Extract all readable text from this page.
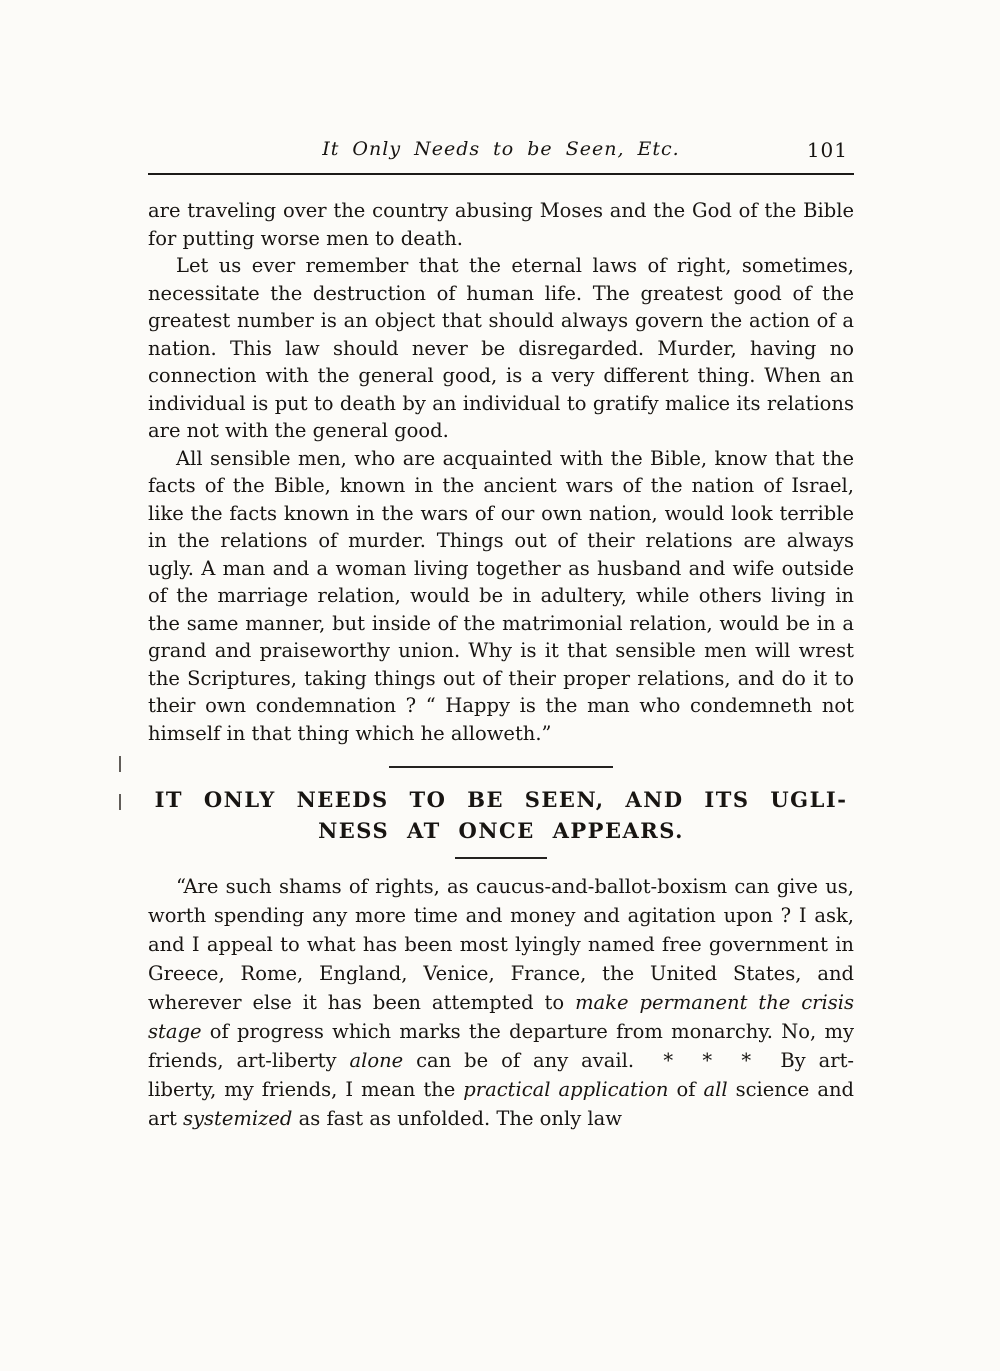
It Only Needs to be Seen, Etc.	101

are traveling over the country abusing Moses and the God of the Bible for putting worse men to death.

Let us ever remember that the eternal laws of right, sometimes, necessitate the destruction of human life. The greatest good of the greatest number is an object that should always govern the action of a nation. This law should never be disregarded. Murder, having no connection with the general good, is a very different thing. When an individual is put to death by an individual to gratify malice its relations are not with the general good.

All sensible men, who are acquainted with the Bible, know that the facts of the Bible, known in the ancient wars of the nation of Israel, like the facts known in the wars of our own nation, would look terrible in the relations of murder. Things out of their relations are always ugly. A man and a woman living together as husband and wife outside of the marriage relation, would be in adultery, while others living in the same manner, but inside of the matrimonial relation, would be in a grand and praiseworthy union. Why is it that sensible men will wrest the Scriptures, taking things out of their proper relations, and do it to their own condemnation ? “ Happy is the man who condemneth not himself in that thing which he alloweth.”

IT ONLY NEEDS TO BE SEEN, AND ITS UGLI-
NESS AT ONCE APPEARS.

“Are such shams of rights, as caucus-and-ballot-boxism can give us, worth spending any more time and money and agitation upon ? I ask, and I appeal to what has been most lyingly named free government in Greece, Rome, England, Venice, France, the United States, and wherever else it has been attempted to make permanent the crisis stage of progress which marks the departure from monarchy. No, my friends, art-liberty alone can be of any avail.  *  *  *  By art-liberty, my friends, I mean the practical application of all science and art systemized as fast as unfolded. The only law
